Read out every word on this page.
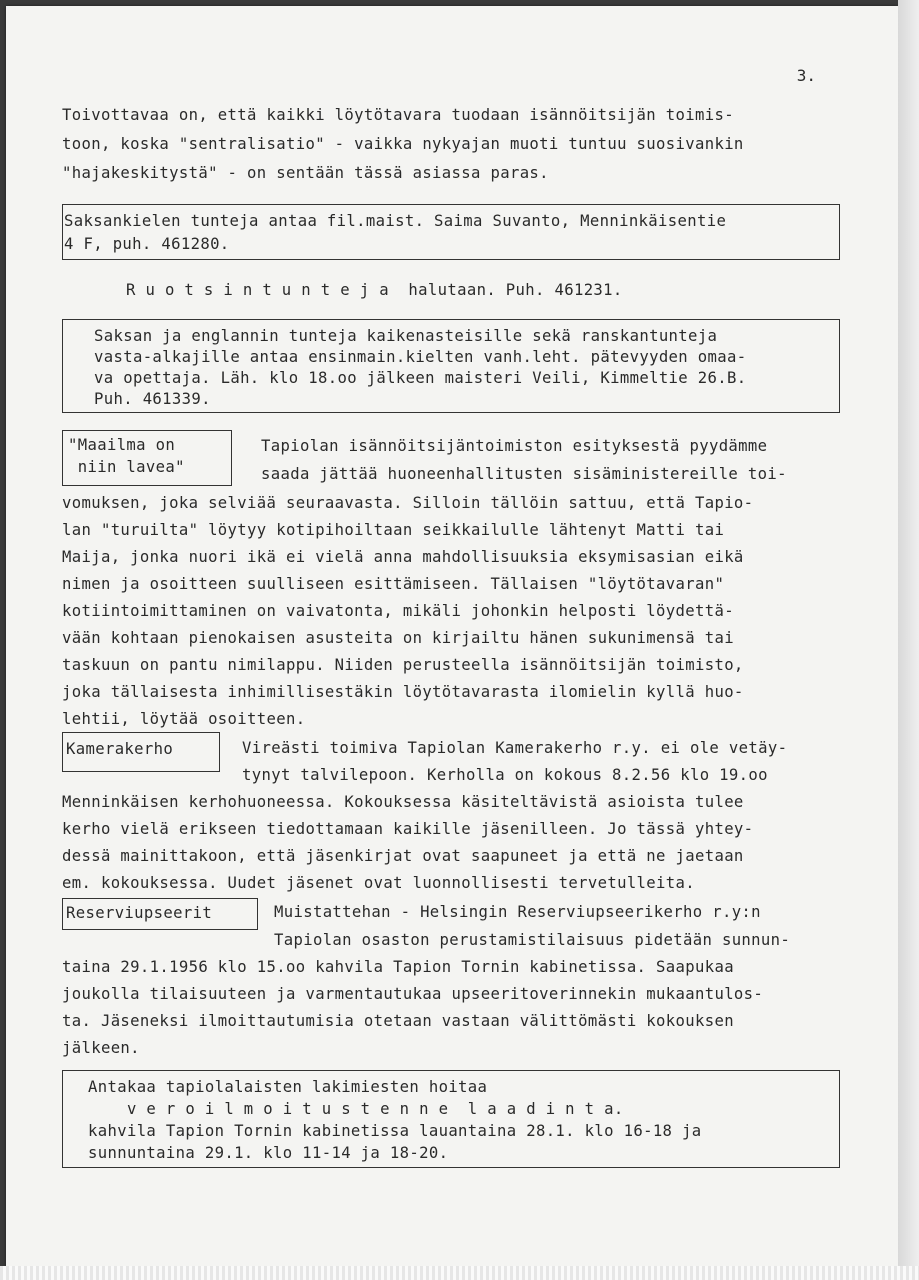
3.
Toivottavaa on, että kaikki löytötavara tuodaan isännöitsijän toimis-
toon, koska "sentralisatio" - vaikka nykyajan muoti tuntuu suosivankin
"hajakeskitystä" - on sentään tässä asiassa paras.
Saksankielen tunteja antaa fil.maist. Saima Suvanto, Menninkäisentie
4 F, puh. 461280.
R u o t s i n t u n t e j a  halutaan. Puh. 461231.
Saksan ja englannin tunteja kaikenasteisille sekä ranskantunteja
vasta-alkajille antaa ensinmain.kielten vanh.leht. pätevyyden omaa-
va opettaja. Läh. klo 18.oo jälkeen maisteri Veili, Kimmeltie 26.B.
Puh. 461339.
"Maailma on
niin lavea"
Tapiolan isännöitsijäntoimiston esityksestä pyydämme
saada jättää huoneenhallitusten sisäministereille toi-
vomuksen, joka selviää seuraavasta. Silloin tällöin sattuu, että Tapio-
lan "turuilta" löytyy kotipihoiltaan seikkailulle lähtenyt Matti tai
Maija, jonka nuori ikä ei vielä anna mahdollisuuksia eksymisasian eikä
nimen ja osoitteen suulliseen esittämiseen. Tällaisen "löytötavaran"
kotiintoimittaminen on vaivatonta, mikäli johonkin helposti löydettä-
vään kohtaan pienokaisen asusteita on kirjailtu hänen sukunimensä tai
taskuun on pantu nimilappu. Niiden perusteella isännöitsijän toimisto,
joka tällaisesta inhimillisestäkin löytötavarasta ilomielin kyllä huo-
lehtii, löytää osoitteen.
Kamerakerho	Vireästi toimiva Tapiolan Kamerakerho r.y. ei ole vetäy-
tynyt talvilepoon. Kerholla on kokous 8.2.56 klo 19.oo
Menninkäisen kerhohuoneessa. Kokouksessa käsiteltävistä asioista tulee
kerho vielä erikseen tiedottamaan kaikille jäsenilleen. Jo tässä yhtey-
dessä mainittakoon, että jäsenkirjat ovat saapuneet ja että ne jaetaan
em. kokouksessa. Uudet jäsenet ovat luonnollisesti tervetulleita.
Reserviupseerit	Muistattehan - Helsingin Reserviupseerikerho r.y:n
Tapiolan osaston perustamistilaisuus pidetään sunnun-
taina 29.1.1956 klo 15.oo kahvila Tapion Tornin kabinetissa. Saapukaa
joukolla tilaisuuteen ja varmentautukaa upseeritoverinnekin mukaantulos-
ta. Jäseneksi ilmoittautumisia otetaan vastaan välittömästi kokouksen
jälkeen.
Antakaa tapiolalaisten lakimiesten hoitaa
v e r o i l m o i t u s t e n n e  l a a d i n t a.
kahvila Tapion Tornin kabinetissa lauantaina 28.1. klo 16-18 ja
sunnuntaina 29.1. klo 11-14 ja 18-20.
